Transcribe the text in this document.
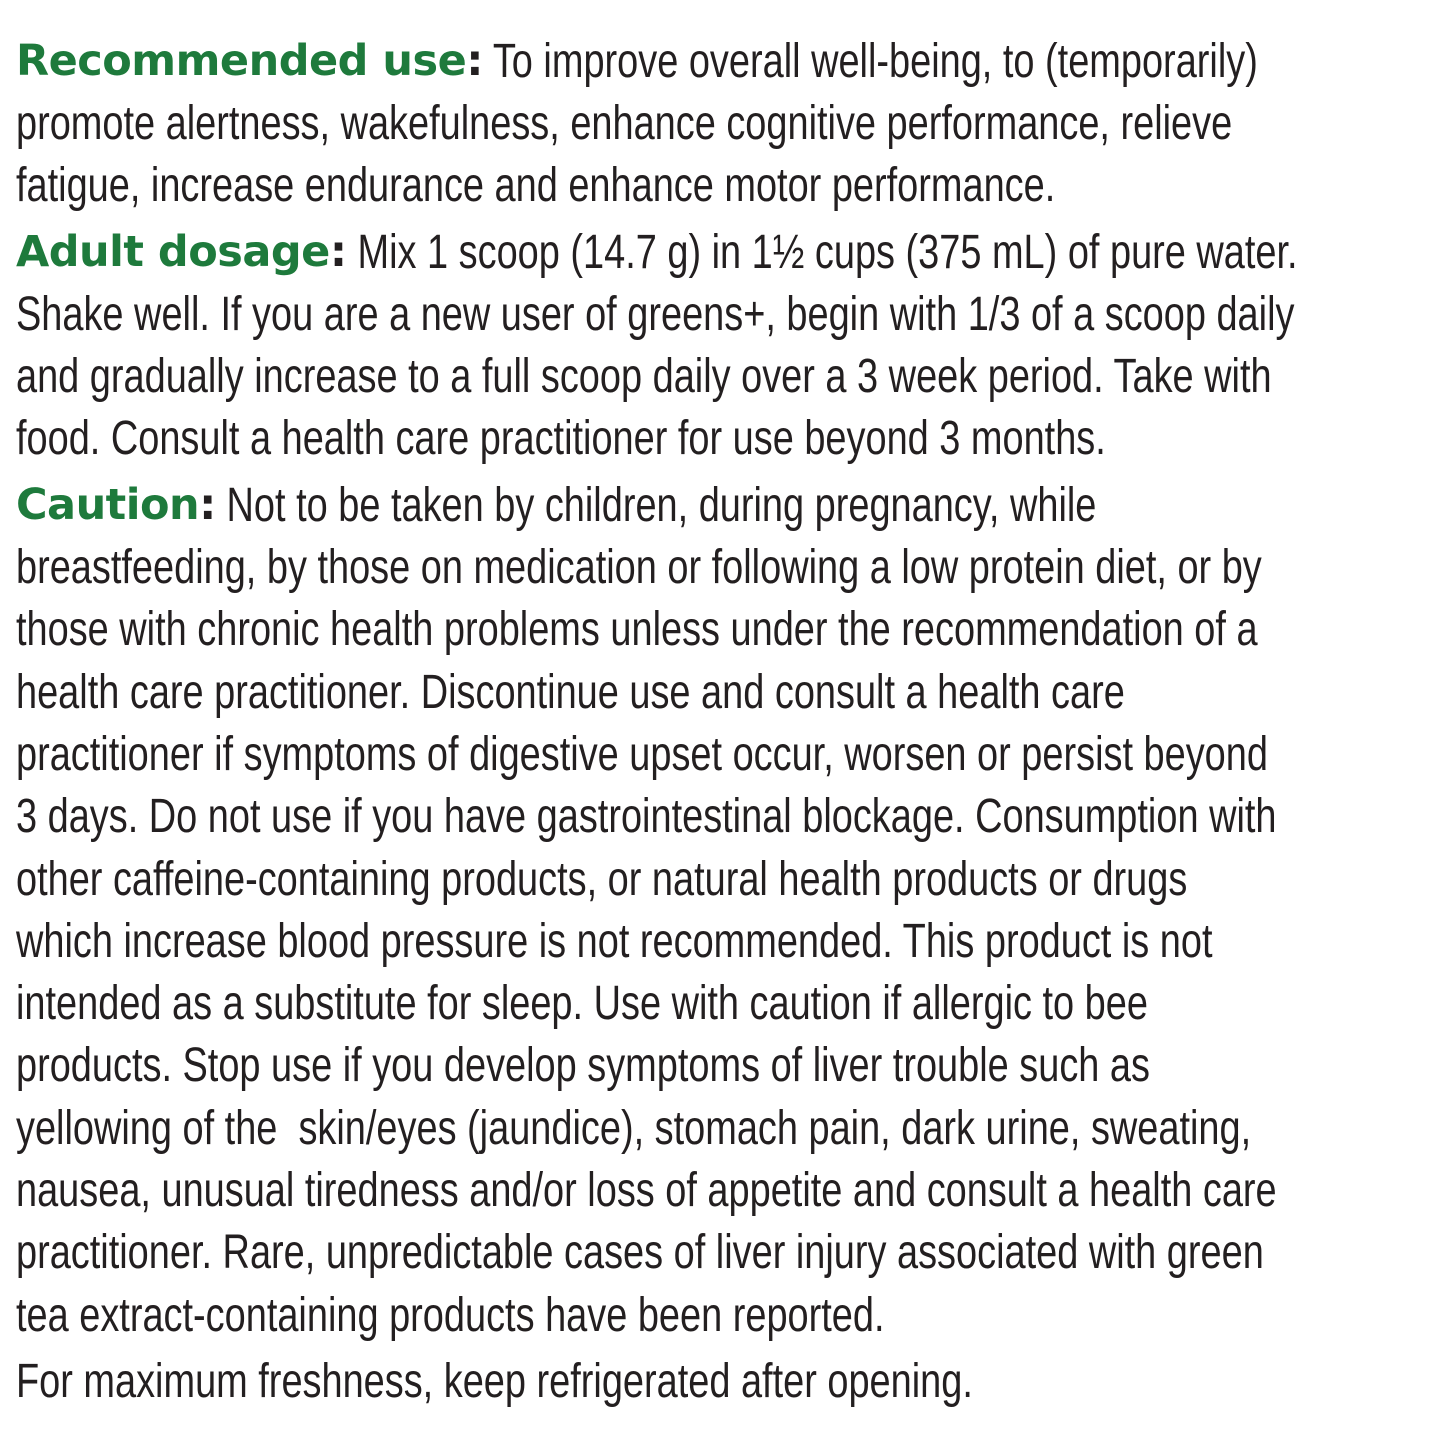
Recommended use: To improve overall well-being, to (temporarily)
promote alertness, wakefulness, enhance cognitive performance, relieve
fatigue, increase endurance and enhance motor performance.
Adult dosage: Mix 1 scoop (14.7 g) in 1½ cups (375 mL) of pure water.
Shake well. If you are a new user of greens+, begin with 1/3 of a scoop daily
and gradually increase to a full scoop daily over a 3 week period. Take with
food. Consult a health care practitioner for use beyond 3 months.
Caution: Not to be taken by children, during pregnancy, while
breastfeeding, by those on medication or following a low protein diet, or by
those with chronic health problems unless under the recommendation of a
health care practitioner. Discontinue use and consult a health care
practitioner if symptoms of digestive upset occur, worsen or persist beyond
3 days. Do not use if you have gastrointestinal blockage. Consumption with
other caffeine-containing products, or natural health products or drugs
which increase blood pressure is not recommended. This product is not
intended as a substitute for sleep. Use with caution if allergic to bee
products. Stop use if you develop symptoms of liver trouble such as
yellowing of the  skin/eyes (jaundice), stomach pain, dark urine, sweating,
nausea, unusual tiredness and/or loss of appetite and consult a health care
practitioner. Rare, unpredictable cases of liver injury associated with green
tea extract-containing products have been reported.
For maximum freshness, keep refrigerated after opening.
